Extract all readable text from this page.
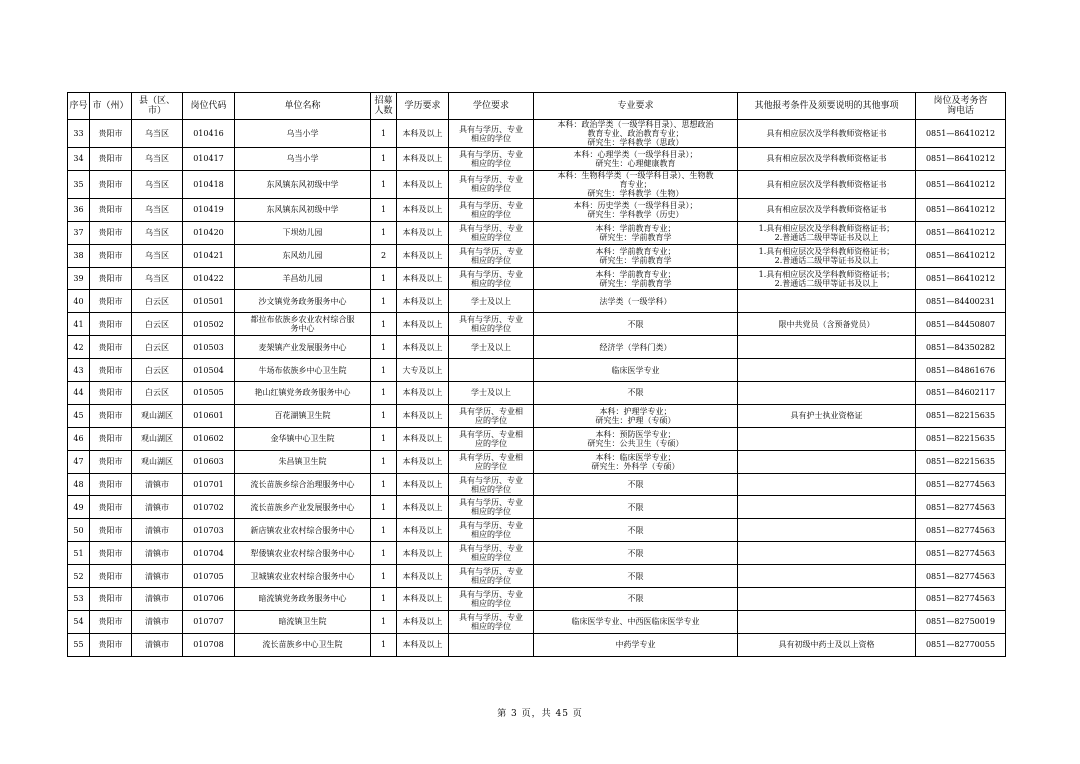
序号	市（州）	县（区、
市）	岗位代码	单位名称	招募
人数	学历要求	学位要求	专业要求	其他报考条件及须要说明的其他事项	岗位及考务咨
询电话
33	贵阳市	乌当区	010416	乌当小学	1	本科及以上	具有与学历、专业
相应的学位	本科：政治学类（一级学科目录）、思想政治
教育专业、政治教育专业；
研究生：学科教学（思政）	具有相应层次及学科教师资格证书	0851—86410212
34	贵阳市	乌当区	010417	乌当小学	1	本科及以上	具有与学历、专业
相应的学位	本科：心理学类（一级学科目录）；
研究生：心理健康教育	具有相应层次及学科教师资格证书	0851—86410212
35	贵阳市	乌当区	010418	东风镇东风初级中学	1	本科及以上	具有与学历、专业
相应的学位	本科：生物科学类（一级学科目录）、生物教
育专业；
研究生：学科教学（生物）	具有相应层次及学科教师资格证书	0851—86410212
36	贵阳市	乌当区	010419	东风镇东风初级中学	1	本科及以上	具有与学历、专业
相应的学位	本科：历史学类（一级学科目录）；
研究生：学科教学（历史）	具有相应层次及学科教师资格证书	0851—86410212
37	贵阳市	乌当区	010420	下坝幼儿园	1	本科及以上	具有与学历、专业
相应的学位	本科：学前教育专业；
研究生：学前教育学	1.具有相应层次及学科教师资格证书；
2.普通话二级甲等证书及以上	0851—86410212
38	贵阳市	乌当区	010421	东风幼儿园	2	本科及以上	具有与学历、专业
相应的学位	本科：学前教育专业；
研究生：学前教育学	1.具有相应层次及学科教师资格证书；
2.普通话二级甲等证书及以上	0851—86410212
39	贵阳市	乌当区	010422	羊昌幼儿园	1	本科及以上	具有与学历、专业
相应的学位	本科：学前教育专业；
研究生：学前教育学	1.具有相应层次及学科教师资格证书；
2.普通话二级甲等证书及以上	0851—86410212
40	贵阳市	白云区	010501	沙文镇党务政务服务中心	1	本科及以上	学士及以上	法学类（一级学科）		0851—84400231
41	贵阳市	白云区	010502	都拉布依族乡农业农村综合服
务中心	1	本科及以上	具有与学历、专业
相应的学位	不限	限中共党员（含预备党员）	0851—84450807
42	贵阳市	白云区	010503	麦架镇产业发展服务中心	1	本科及以上	学士及以上	经济学（学科门类）		0851—84350282
43	贵阳市	白云区	010504	牛场布依族乡中心卫生院	1	大专及以上		临床医学专业		0851—84861676
44	贵阳市	白云区	010505	艳山红镇党务政务服务中心	1	本科及以上	学士及以上	不限		0851—84602117
45	贵阳市	观山湖区	010601	百花湖镇卫生院	1	本科及以上	具有学历、专业相
应的学位	本科：护理学专业；
研究生：护理（专硕）	具有护士执业资格证	0851—82215635
46	贵阳市	观山湖区	010602	金华镇中心卫生院	1	本科及以上	具有学历、专业相
应的学位	本科：预防医学专业；
研究生：公共卫生（专硕）		0851—82215635
47	贵阳市	观山湖区	010603	朱昌镇卫生院	1	本科及以上	具有学历、专业相
应的学位	本科：临床医学专业；
研究生：外科学（专硕）		0851—82215635
48	贵阳市	清镇市	010701	流长苗族乡综合治理服务中心	1	本科及以上	具有与学历、专业
相应的学位	不限		0851—82774563
49	贵阳市	清镇市	010702	流长苗族乡产业发展服务中心	1	本科及以上	具有与学历、专业
相应的学位	不限		0851—82774563
50	贵阳市	清镇市	010703	新店镇农业农村综合服务中心	1	本科及以上	具有与学历、专业
相应的学位	不限		0851—82774563
51	贵阳市	清镇市	010704	犁倭镇农业农村综合服务中心	1	本科及以上	具有与学历、专业
相应的学位	不限		0851—82774563
52	贵阳市	清镇市	010705	卫城镇农业农村综合服务中心	1	本科及以上	具有与学历、专业
相应的学位	不限		0851—82774563
53	贵阳市	清镇市	010706	暗流镇党务政务服务中心	1	本科及以上	具有与学历、专业
相应的学位	不限		0851—82774563
54	贵阳市	清镇市	010707	暗流镇卫生院	1	本科及以上	具有与学历、专业
相应的学位	临床医学专业、中西医临床医学专业		0851—82750019
55	贵阳市	清镇市	010708	流长苗族乡中心卫生院	1	本科及以上		中药学专业	具有初级中药士及以上资格	0851—82770055
第 3 页，共 45 页
